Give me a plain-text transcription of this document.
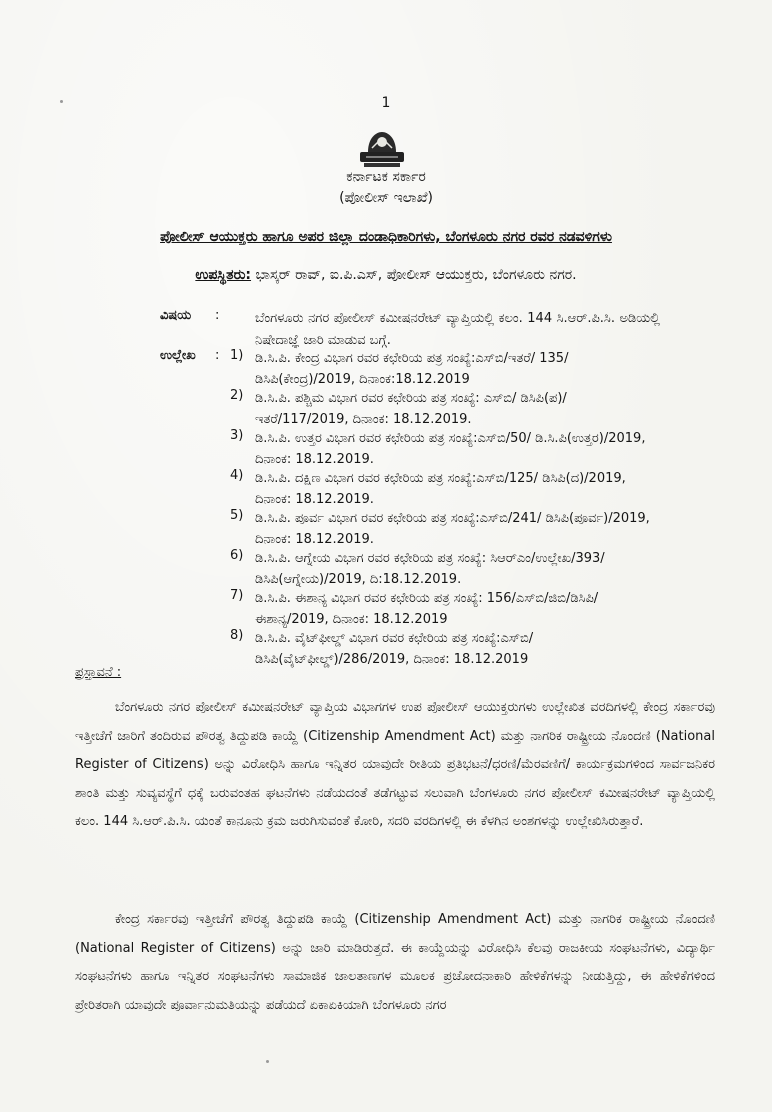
1
ಕರ್ನಾಟಕ ಸರ್ಕಾರ
(ಪೋಲೀಸ್ ಇಲಾಖೆ)
ಪೋಲೀಸ್ ಆಯುಕ್ತರು ಹಾಗೂ ಅಪರ ಜಿಲ್ಲಾ ದಂಡಾಧಿಕಾರಿಗಳು, ಬೆಂಗಳೂರು ನಗರ ರವರ ನಡವಳಿಗಳು
ಉಪಸ್ಥಿತರು: ಭಾಸ್ಕರ್ ರಾವ್, ಐ.ಪಿ.ಎಸ್, ಪೋಲೀಸ್ ಆಯುಕ್ತರು, ಬೆಂಗಳೂರು ನಗರ.
ವಿಷಯ :	ಬೆಂಗಳೂರು ನಗರ ಪೋಲೀಸ್ ಕಮೀಷನರೇಟ್ ವ್ಯಾಪ್ತಿಯಲ್ಲಿ ಕಲಂ. 144 ಸಿ.ಆರ್.ಪಿ.ಸಿ. ಅಡಿಯಲ್ಲಿ ನಿಷೇದಾಜ್ಞೆ ಜಾರಿ ಮಾಡುವ ಬಗ್ಗೆ.
ಉಲ್ಲೇಖ : 1) ಡಿ.ಸಿ.ಪಿ. ಕೇಂದ್ರ ವಿಭಾಗ ರವರ ಕಛೇರಿಯ ಪತ್ರ ಸಂಖ್ಯೆ:ಎಸ್‌ಬಿ/ಇತರೆ/ 135/ಡಿಸಿಪಿ(ಕೇಂದ್ರ)/2019, ದಿನಾಂಕ:18.12.2019
2) ಡಿ.ಸಿ.ಪಿ. ಪಶ್ಚಿಮ ವಿಭಾಗ ರವರ ಕಛೇರಿಯ ಪತ್ರ ಸಂಖ್ಯೆ: ಎಸ್‌ಬಿ/ ಡಿಸಿಪಿ(ಪ)/ಇತರೆ/117/2019, ದಿನಾಂಕ: 18.12.2019.
3) ಡಿ.ಸಿ.ಪಿ. ಉತ್ತರ ವಿಭಾಗ ರವರ ಕಛೇರಿಯ ಪತ್ರ ಸಂಖ್ಯೆ:ಎಸ್‌ಬಿ/50/ ಡಿ.ಸಿ.ಪಿ(ಉತ್ತರ)/2019, ದಿನಾಂಕ: 18.12.2019.
4) ಡಿ.ಸಿ.ಪಿ. ದಕ್ಷಿಣ ವಿಭಾಗ ರವರ ಕಛೇರಿಯ ಪತ್ರ ಸಂಖ್ಯೆ:ಎಸ್‌ಬಿ/125/ ಡಿಸಿಪಿ(ದ)/2019, ದಿನಾಂಕ: 18.12.2019.
5) ಡಿ.ಸಿ.ಪಿ. ಪೂರ್ವ ವಿಭಾಗ ರವರ ಕಛೇರಿಯ ಪತ್ರ ಸಂಖ್ಯೆ:ಎಸ್‌ಬಿ/241/ ಡಿಸಿಪಿ(ಪೂರ್ವ)/2019, ದಿನಾಂಕ: 18.12.2019.
6) ಡಿ.ಸಿ.ಪಿ. ಆಗ್ನೇಯ ವಿಭಾಗ ರವರ ಕಛೇರಿಯ ಪತ್ರ ಸಂಖ್ಯೆ: ಸಿಆರ್‌ಎಂ/ಉಲ್ಲೇಖ/393/ಡಿಸಿಪಿ(ಆಗ್ನೇಯ)/2019, ದಿ:18.12.2019.
7) ಡಿ.ಸಿ.ಪಿ. ಈಶಾನ್ಯ ವಿಭಾಗ ರವರ ಕಛೇರಿಯ ಪತ್ರ ಸಂಖ್ಯೆ: 156/ಎಸ್‌ಬಿ/ಜಿಬಿ/ಡಿಸಿಪಿ/ಈಶಾನ್ಯ/2019, ದಿನಾಂಕ: 18.12.2019
8) ಡಿ.ಸಿ.ಪಿ. ವೈಟ್‌ಫೀಲ್ಡ್ ವಿಭಾಗ ರವರ ಕಛೇರಿಯ ಪತ್ರ ಸಂಖ್ಯೆ:ಎಸ್‌ಬಿ/ಡಿಸಿಪಿ(ವೈಟ್‌ಫೀಲ್ಡ್)/286/2019, ದಿನಾಂಕ: 18.12.2019
ಪ್ರಸ್ತಾವನೆ :
ಬೆಂಗಳೂರು ನಗರ ಪೋಲೀಸ್ ಕಮೀಷನರೇಟ್ ವ್ಯಾಪ್ತಿಯ ವಿಭಾಗಗಳ ಉಪ ಪೋಲೀಸ್ ಆಯುಕ್ತರುಗಳು ಉಲ್ಲೇಖಿತ ವರದಿಗಳಲ್ಲಿ ಕೇಂದ್ರ ಸರ್ಕಾರವು ಇತ್ತೀಚೆಗೆ ಜಾರಿಗೆ ತಂದಿರುವ ಪೌರತ್ವ ತಿದ್ದುಪಡಿ ಕಾಯ್ದೆ (Citizenship Amendment Act) ಮತ್ತು ನಾಗರಿಕ ರಾಷ್ಟ್ರೀಯ ನೊಂದಣಿ (National Register of Citizens) ಅನ್ನು ವಿರೋಧಿಸಿ ಹಾಗೂ ಇನ್ನಿತರ ಯಾವುದೇ ರೀತಿಯ ಪ್ರತಿಭಟನೆ/ಧರಣಿ/ಮೆರವಣಿಗೆ/ ಕಾರ್ಯಕ್ರಮಗಳಿಂದ ಸಾರ್ವಜನಿಕರ ಶಾಂತಿ ಮತ್ತು ಸುವ್ಯವಸ್ಥೆಗೆ ಧಕ್ಕೆ ಬರುವಂತಹ ಘಟನೆಗಳು ನಡೆಯದಂತೆ ತಡೆಗಟ್ಟುವ ಸಲುವಾಗಿ ಬೆಂಗಳೂರು ನಗರ ಪೋಲೀಸ್ ಕಮೀಷನರೇಟ್ ವ್ಯಾಪ್ತಿಯಲ್ಲಿ ಕಲಂ. 144 ಸಿ.ಆರ್.ಪಿ.ಸಿ. ಯಂತೆ ಕಾನೂನು ಕ್ರಮ ಜರುಗಿಸುವಂತೆ ಕೋರಿ, ಸದರಿ ವರದಿಗಳಲ್ಲಿ ಈ ಕೆಳಗಿನ ಅಂಶಗಳನ್ನು ಉಲ್ಲೇಖಿಸಿರುತ್ತಾರೆ.
ಕೇಂದ್ರ ಸರ್ಕಾರವು ಇತ್ತೀಚೆಗೆ ಪೌರತ್ವ ತಿದ್ದುಪಡಿ ಕಾಯ್ದೆ (Citizenship Amendment Act) ಮತ್ತು ನಾಗರಿಕ ರಾಷ್ಟ್ರೀಯ ನೊಂದಣಿ (National Register of Citizens) ಅನ್ನು ಜಾರಿ ಮಾಡಿರುತ್ತದೆ. ಈ ಕಾಯ್ದೆಯನ್ನು ವಿರೋಧಿಸಿ ಕೆಲವು ರಾಜಕೀಯ ಸಂಘಟನೆಗಳು, ವಿದ್ಯಾರ್ಥಿ ಸಂಘಟನೆಗಳು ಹಾಗೂ ಇನ್ನಿತರ ಸಂಘಟನೆಗಳು ಸಾಮಾಜಿಕ ಜಾಲತಾಣಗಳ ಮೂಲಕ ಪ್ರಚೋದನಾಕಾರಿ ಹೇಳಿಕೆಗಳನ್ನು ನೀಡುತ್ತಿದ್ದು, ಈ ಹೇಳಿಕೆಗಳಿಂದ ಪ್ರೇರಿತರಾಗಿ ಯಾವುದೇ ಪೂರ್ವಾನುಮತಿಯನ್ನು ಪಡೆಯದೆ ಏಕಾಏಕಿಯಾಗಿ ಬೆಂಗಳೂರು ನಗರ
